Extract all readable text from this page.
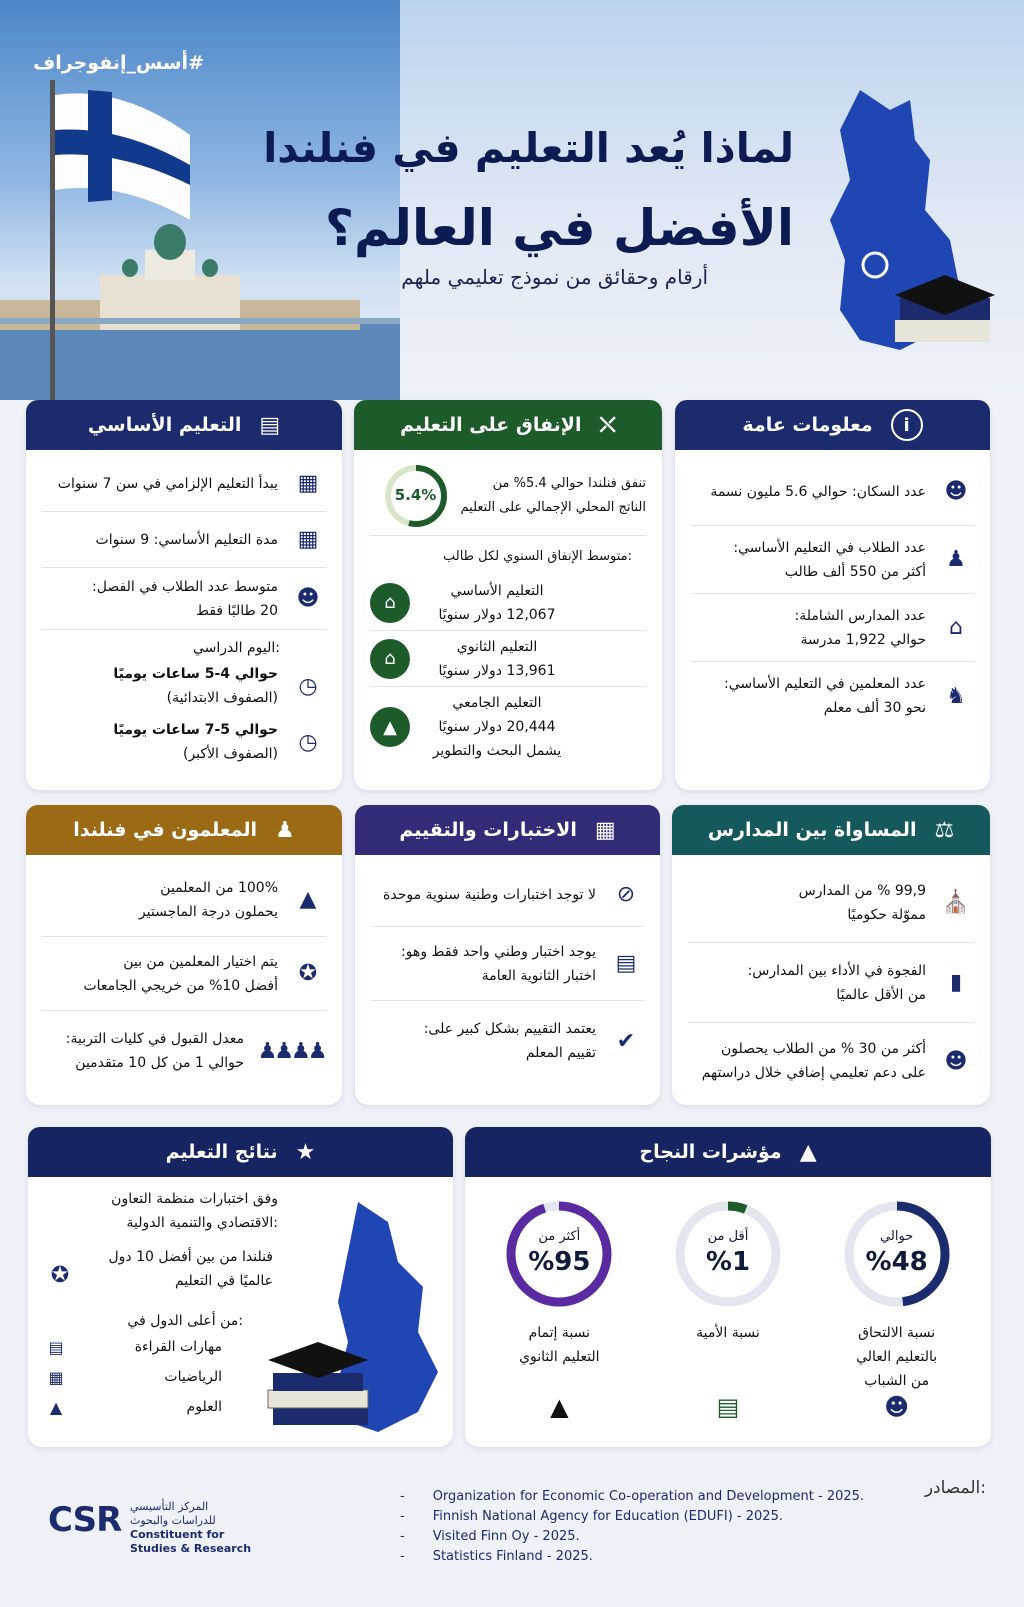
#أسس_إنفوجراف
لماذا يُعد التعليم في فنلندا
الأفضل في العالم؟
أرقام وحقائق من نموذج تعليمي ملهم
i
معلومات عامة
☻
عدد السكان: حوالي 5.6 مليون نسمة
♟
عدد الطلاب في التعليم الأساسي:
أكثر من 550 ألف طالب
⌂
عدد المدارس الشاملة:
حوالي 1,922 مدرسة
♞
عدد المعلمين في التعليم الأساسي:
نحو 30 ألف معلم
⛌
الإنفاق على التعليم
تنفق فنلندا حوالي 5.4% من
الناتج المحلي الإجمالي على التعليم
5.4%
متوسط الإنفاق السنوي لكل طالب:
التعليم الأساسي
12,067 دولار سنويًا
⌂
التعليم الثانوي
13,961 دولار سنويًا
⌂
التعليم الجامعي
20,444 دولار سنويًا
يشمل البحث والتطوير
▲
▤
التعليم الأساسي
▦
يبدأ التعليم الإلزامي في سن 7 سنوات
▦
مدة التعليم الأساسي: 9 سنوات
☻
متوسط عدد الطلاب في الفصل:
20 طالبًا فقط
اليوم الدراسي:
◷
حوالي 4-5 ساعات يوميًا
(الصفوف الابتدائية)
◷
حوالي 5-7 ساعات يوميًا
(الصفوف الأكبر)
⚖
المساواة بين المدارس
⛪
99,9 % من المدارس
مموّلة حكوميًا
▮
الفجوة في الأداء بين المدارس:
من الأقل عالميًا
☻
أكثر من 30 % من الطلاب يحصلون
على دعم تعليمي إضافي خلال دراستهم
▦
الاختبارات والتقييم
⊘
لا توجد اختبارات وطنية سنوية موحدة
▤
يوجد اختبار وطني واحد فقط وهو:
اختبار الثانوية العامة
✔
يعتمد التقييم بشكل كبير على:
تقييم المعلم
♟
المعلمون في فنلندا
▲
100% من المعلمين
يحملون درجة الماجستير
✪
يتم اختيار المعلمين من بين
أفضل 10% من خريجي الجامعات
♟♟♟♟
معدل القبول في كليات التربية:
حوالي 1 من كل 10 متقدمين
▲
مؤشرات النجاح
حوالي
%48
نسبة الالتحاق
بالتعليم العالي
من الشباب
☻
أقل من
%1
نسبة الأمية
▤
أكثر من
%95
نسبة إتمام
التعليم الثانوي
▲
★
نتائج التعليم
وفق اختبارات منظمة التعاون
الاقتصادي والتنمية الدولية:
فنلندا من بين أفضل 10 دول
عالميًا في التعليم
✪
من أعلى الدول في:
▤	مهارات القراءة
▦	الرياضيات
▲	العلوم
المصادر:
- Organization for Economic Co-operation and Development - 2025.
- Finnish National Agency for Education (EDUFI) - 2025.
- Visited Finn Oy - 2025.
- Statistics Finland - 2025.
CSR المركز التأسيسي
للدراسات والبحوث
Constituent for
Studies & Research
